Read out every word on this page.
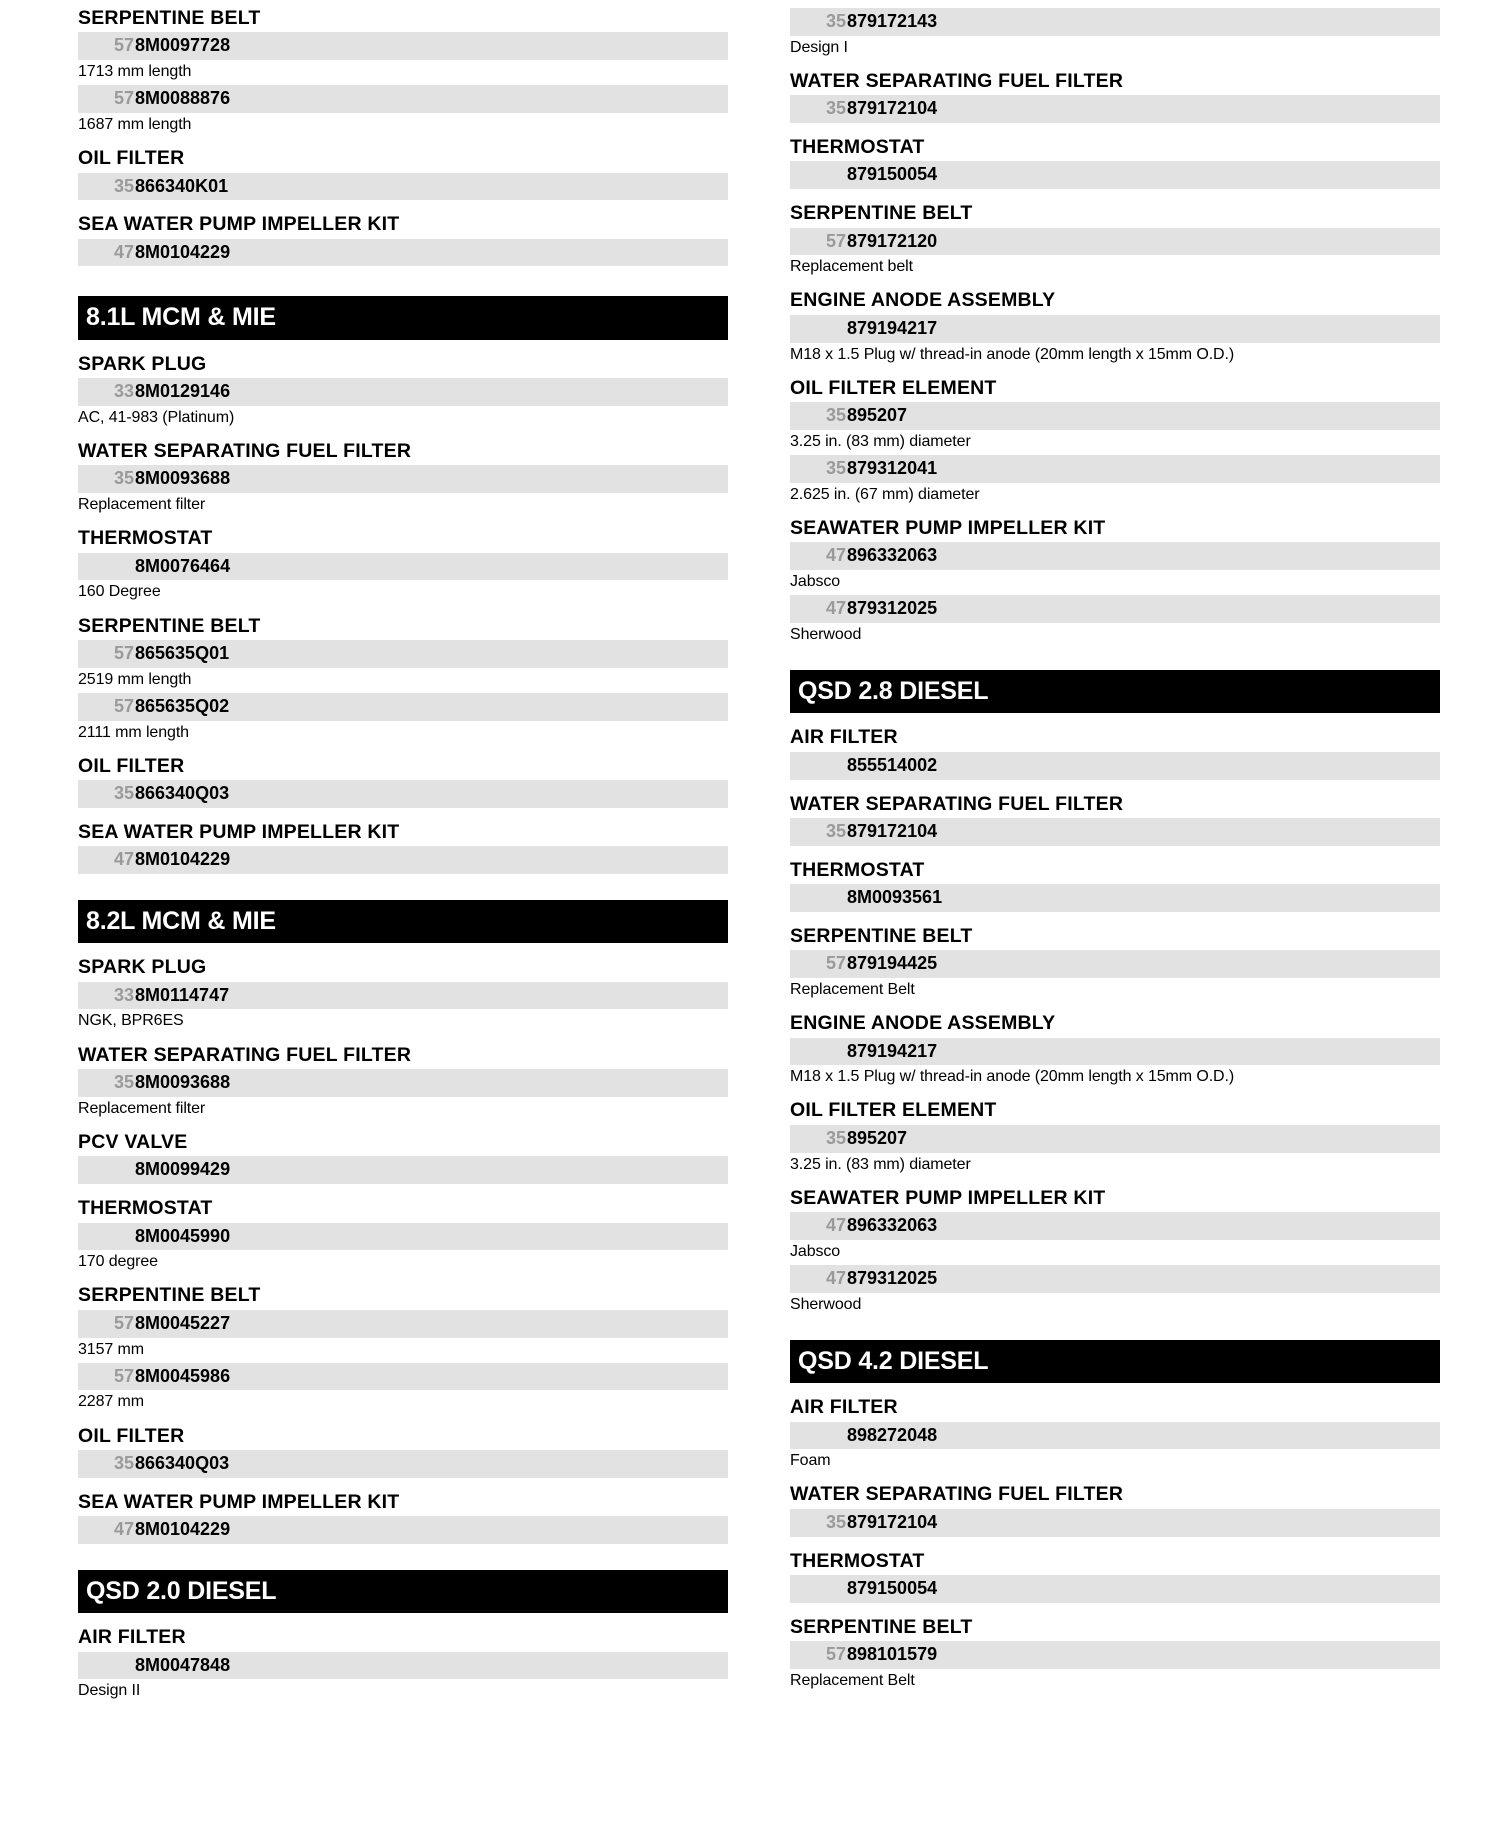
SERPENTINE BELT
578M0097728
1713 mm length
578M0088876
1687 mm length
OIL FILTER
35866340K01
SEA WATER PUMP IMPELLER KIT
478M0104229
8.1L MCM & MIE
SPARK PLUG
338M0129146
AC, 41-983 (Platinum)
WATER SEPARATING FUEL FILTER
358M0093688
Replacement filter
THERMOSTAT
8M0076464
160 Degree
SERPENTINE BELT
57865635Q01
2519 mm length
57865635Q02
2111 mm length
OIL FILTER
35866340Q03
SEA WATER PUMP IMPELLER KIT
478M0104229
8.2L MCM & MIE
SPARK PLUG
338M0114747
NGK, BPR6ES
WATER SEPARATING FUEL FILTER
358M0093688
Replacement filter
PCV VALVE
8M0099429
THERMOSTAT
8M0045990
170 degree
SERPENTINE BELT
578M0045227
3157 mm
578M0045986
2287 mm
OIL FILTER
35866340Q03
SEA WATER PUMP IMPELLER KIT
478M0104229
QSD 2.0 DIESEL
AIR FILTER
8M0047848
Design II
35879172143
Design I
WATER SEPARATING FUEL FILTER
35879172104
THERMOSTAT
879150054
SERPENTINE BELT
57879172120
Replacement belt
ENGINE ANODE ASSEMBLY
879194217
M18 x 1.5 Plug w/ thread-in anode (20mm length x 15mm O.D.)
OIL FILTER ELEMENT
35895207
3.25 in. (83 mm) diameter
35879312041
2.625 in. (67 mm) diameter
SEAWATER PUMP IMPELLER KIT
47896332063
Jabsco
47879312025
Sherwood
QSD 2.8 DIESEL
AIR FILTER
855514002
WATER SEPARATING FUEL FILTER
35879172104
THERMOSTAT
8M0093561
SERPENTINE BELT
57879194425
Replacement Belt
ENGINE ANODE ASSEMBLY
879194217
M18 x 1.5 Plug w/ thread-in anode (20mm length x 15mm O.D.)
OIL FILTER ELEMENT
35895207
3.25 in. (83 mm) diameter
SEAWATER PUMP IMPELLER KIT
47896332063
Jabsco
47879312025
Sherwood
QSD 4.2 DIESEL
AIR FILTER
898272048
Foam
WATER SEPARATING FUEL FILTER
35879172104
THERMOSTAT
879150054
SERPENTINE BELT
57898101579
Replacement Belt
